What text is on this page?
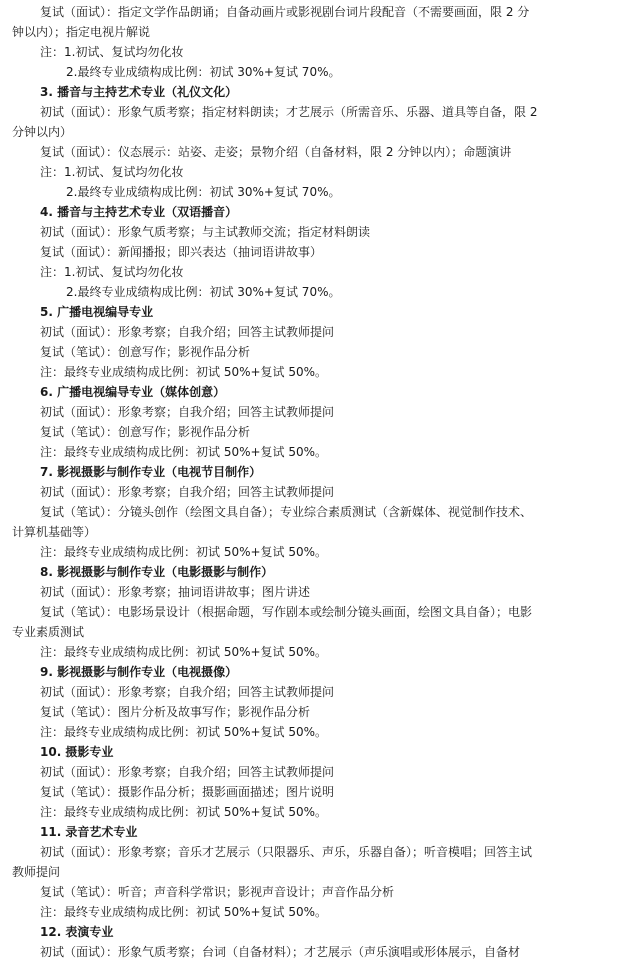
复试（面试）：指定文学作品朗诵；自备动画片或影视剧台词片段配音（不需要画面，限 2 分
钟以内）；指定电视片解说
注：1.初试、复试均勿化妆
2.最终专业成绩构成比例：初试 30%+复试 70%。
3. 播音与主持艺术专业（礼仪文化）
初试（面试）：形象气质考察；指定材料朗读；才艺展示（所需音乐、乐器、道具等自备，限 2
分钟以内）
复试（面试）：仪态展示：站姿、走姿；景物介绍（自备材料，限 2 分钟以内）；命题演讲
注：1.初试、复试均勿化妆
2.最终专业成绩构成比例：初试 30%+复试 70%。
4. 播音与主持艺术专业（双语播音）
初试（面试）：形象气质考察；与主试教师交流；指定材料朗读
复试（面试）：新闻播报；即兴表达（抽词语讲故事）
注：1.初试、复试均勿化妆
2.最终专业成绩构成比例：初试 30%+复试 70%。
5. 广播电视编导专业
初试（面试）：形象考察；自我介绍；回答主试教师提问
复试（笔试）：创意写作；影视作品分析
注：最终专业成绩构成比例：初试 50%+复试 50%。
6. 广播电视编导专业（媒体创意）
初试（面试）：形象考察；自我介绍；回答主试教师提问
复试（笔试）：创意写作；影视作品分析
注：最终专业成绩构成比例：初试 50%+复试 50%。
7. 影视摄影与制作专业（电视节目制作）
初试（面试）：形象考察；自我介绍；回答主试教师提问
复试（笔试）：分镜头创作（绘图文具自备）；专业综合素质测试（含新媒体、视觉制作技术、
计算机基础等）
注：最终专业成绩构成比例：初试 50%+复试 50%。
8. 影视摄影与制作专业（电影摄影与制作）
初试（面试）：形象考察；抽词语讲故事；图片讲述
复试（笔试）：电影场景设计（根据命题，写作剧本或绘制分镜头画面，绘图文具自备）；电影
专业素质测试
注：最终专业成绩构成比例：初试 50%+复试 50%。
9. 影视摄影与制作专业（电视摄像）
初试（面试）：形象考察；自我介绍；回答主试教师提问
复试（笔试）：图片分析及故事写作；影视作品分析
注：最终专业成绩构成比例：初试 50%+复试 50%。
10. 摄影专业
初试（面试）：形象考察；自我介绍；回答主试教师提问
复试（笔试）：摄影作品分析；摄影画面描述；图片说明
注：最终专业成绩构成比例：初试 50%+复试 50%。
11. 录音艺术专业
初试（面试）：形象考察；音乐才艺展示（只限器乐、声乐，乐器自备）；听音模唱；回答主试
教师提问
复试（笔试）：听音；声音科学常识；影视声音设计；声音作品分析
注：最终专业成绩构成比例：初试 50%+复试 50%。
12. 表演专业
初试（面试）：形象气质考察；台词（自备材料）；才艺展示（声乐演唱或形体展示，自备材
